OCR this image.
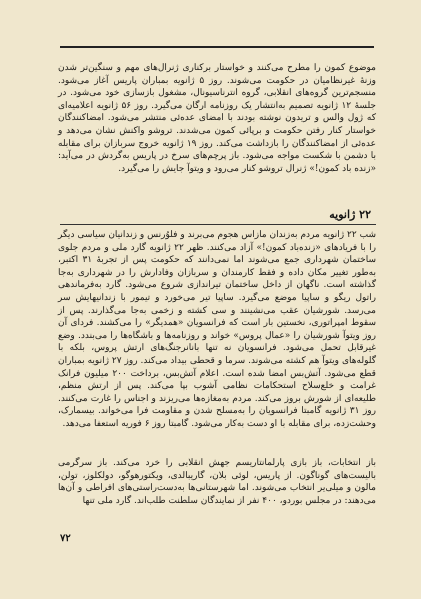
موضوع کمون را مطرح می‌کنند و خواستار برکناری ژنرال‌های مهم و سنگین‌تر شدن وزنهٔ غیرنظامیان در حکومت می‌شوند. روز ۵ ژانویه بمباران پاریس آغاز می‌شود. منسجم‌ترین گروه‌های انقلابی، گروه انترناسیونال، مشغول بازسازی خود می‌شود. در جلسهٔ ۱۲ ژانویه تصمیم به‌انتشار یک روزنامه ارگان می‌گیرد. روز ۵۶ ژانویه اعلامیه‌ای که ژول والس و تریدون نوشته بودند با امضای عده‌ئی منتشر می‌شود. امضاکنندگان خواستار کنار رفتن حکومت و برپائی کمون می‌شدند. تروشو واکنش نشان می‌دهد و عده‌ئی از امضاکنندگان را بازداشت می‌کند. روز ۱۹ ژانویه خروج سربازان برای مقابله با دشمن با شکست مواجه می‌شود. باز پرچم‌های سرخ در پاریس به‌گردش در می‌آید: «زنده باد کمون!» ژنرال تروشو کنار می‌رود و ویتوآ جایش را می‌گیرد.

۲۲ ژانویه

شب ۲۲ ژانویه مردم به‌زندان مازاس هجوم می‌برند و فلوُرنس و زندانیان سیاسی دیگر را با فریادهای «زنده‌باد کمون!» آزاد می‌کنند. ظهر ۲۲ ژانویه گارد ملی و مردم جلوی ساختمان شهرداری جمع می‌شوند اما نمی‌دانند که حکومت پس از تجربهٔ ۳۱ اکتبر، به‌طور تغییر مکان داده و فقط کارمندان و سربازان وفادارش را در شهرداری به‌جا گذاشته است. ناگهان از داخل ساختمان تیراندازی شروع می‌شود. گارد به‌فرماندهی راتول ریگو و ساپیا موضع می‌گیرد. ساپیا تیر می‌خورد و تیمور با زندانیهایش سر می‌رسد. شورشیان عقب می‌نشینند و سی کشته و زخمی به‌جا می‌گذارند. پس از سقوط امپراتوری، نخستین بار است که فرانسویان «همدیگر» را می‌کشند. فردای آن روز ویتوآ شورشیان را «عمال پروس» خواند و روزنامه‌ها و باشگاه‌ها را می‌بندد. وضع غیرقابل تحمل می‌شود. فرانسویان نه تنها بانانرجنگ‌های ارتش پروس، بلکه با گلوله‌های ویتوآ هم کشته می‌شوند. سرما و قحطی بیداد می‌کند. روز ۲۷ ژانویه بمباران قطع می‌شود. آتش‌بس امضا شده است. اعلام آتش‌بس، برداخت ۲۰۰ میلیون فرانک غرامت و خلع‌سلاح استحکامات نظامی آشوب بپا می‌کند. پس از ارتش منظم، طلیعه‌ای از شورش بروز می‌کند. مردم به‌مغازه‌ها می‌ریزند و اجناس را غارت می‌کنند. روز ۳۱ ژانویه گامبتا فرانسویان را به‌مسلح شدن و مقاومت فرا می‌خواند. بیسمارک، وحشت‌زده، برای مقابله با او دست به‌کار می‌شود. گامبتا روز ۶ فوریه استعفا می‌دهد.

باز انتخابات، باز بازی پارلمانتاریسم جهش انقلابی را خرد می‌کند. باز سرگرمی بالیست‌های گوناگون. از پاریس، لوئی بلان، گاریبالدی، ویکتورهوگو، دولکلوز، تولن، مالون و میلی‌یر انتخاب می‌شوند. اما شهرستانی‌ها به‌دست‌راستی‌های افراطی و آن‌ها می‌دهند: در مجلس بوردو، ۴۰۰ نفر از نمایندگان سلطنت طلب‌اند. گارد ملی تنها

۷۲
